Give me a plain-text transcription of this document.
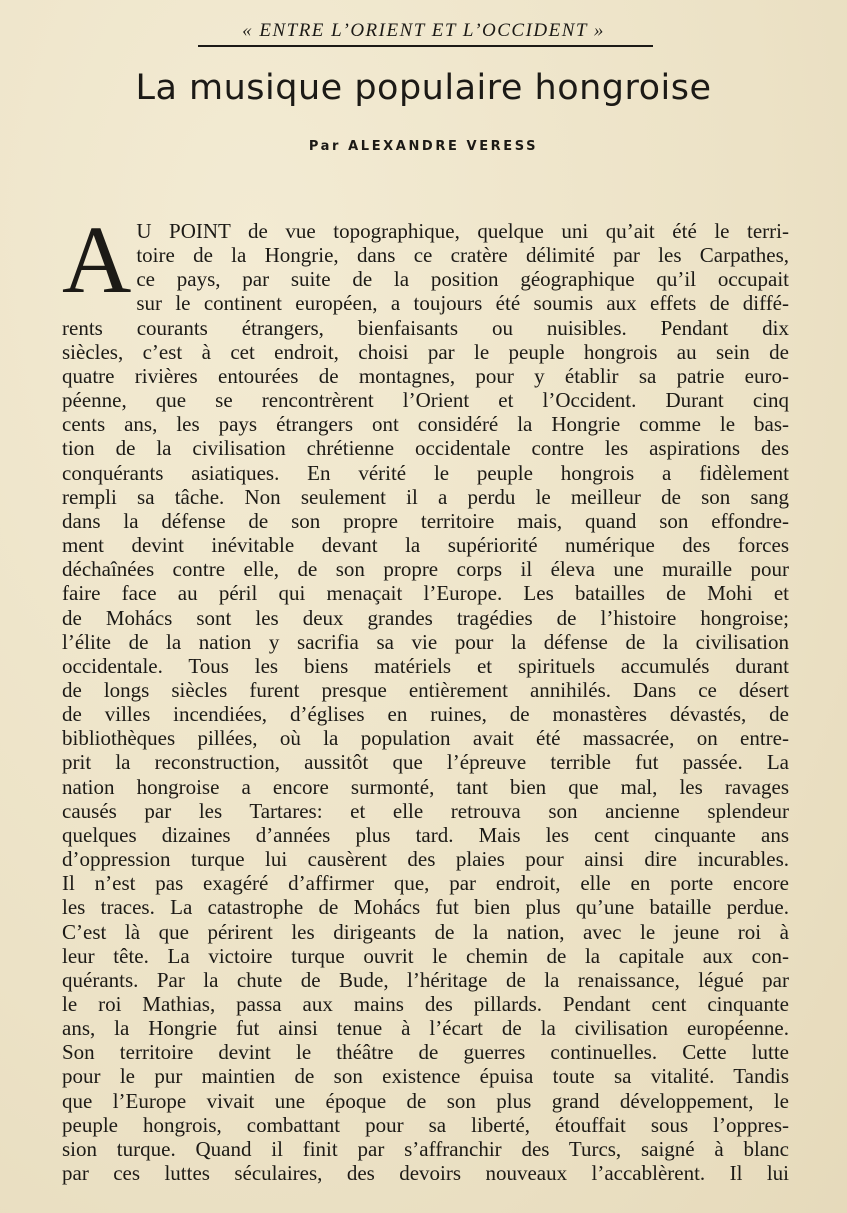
« ENTRE L’ORIENT ET L’OCCIDENT »
La musique populaire hongroise
Par ALEXANDRE VERESS
A U POINT de vue topographique, quelque uni qu’ait été le terri-
toire de la Hongrie, dans ce cratère délimité par les Carpathes,
ce pays, par suite de la position géographique qu’il occupait
sur le continent européen, a toujours été soumis aux effets de diffé-
rents courants étrangers, bienfaisants ou nuisibles. Pendant dix
siècles, c’est à cet endroit, choisi par le peuple hongrois au sein de
quatre rivières entourées de montagnes, pour y établir sa patrie euro-
péenne, que se rencontrèrent l’Orient et l’Occident. Durant cinq
cents ans, les pays étrangers ont considéré la Hongrie comme le bas-
tion de la civilisation chrétienne occidentale contre les aspirations des
conquérants asiatiques. En vérité le peuple hongrois a fidèlement
rempli sa tâche. Non seulement il a perdu le meilleur de son sang
dans la défense de son propre territoire mais, quand son effondre-
ment devint inévitable devant la supériorité numérique des forces
déchaînées contre elle, de son propre corps il éleva une muraille pour
faire face au péril qui menaçait l’Europe. Les batailles de Mohi et
de Mohács sont les deux grandes tragédies de l’histoire hongroise;
l’élite de la nation y sacrifia sa vie pour la défense de la civilisation
occidentale. Tous les biens matériels et spirituels accumulés durant
de longs siècles furent presque entièrement annihilés. Dans ce désert
de villes incendiées, d’églises en ruines, de monastères dévastés, de
bibliothèques pillées, où la population avait été massacrée, on entre-
prit la reconstruction, aussitôt que l’épreuve terrible fut passée. La
nation hongroise a encore surmonté, tant bien que mal, les ravages
causés par les Tartares: et elle retrouva son ancienne splendeur
quelques dizaines d’années plus tard. Mais les cent cinquante ans
d’oppression turque lui causèrent des plaies pour ainsi dire incurables.
Il n’est pas exagéré d’affirmer que, par endroit, elle en porte encore
les traces. La catastrophe de Mohács fut bien plus qu’une bataille perdue.
C’est là que périrent les dirigeants de la nation, avec le jeune roi à
leur tête. La victoire turque ouvrit le chemin de la capitale aux con-
quérants. Par la chute de Bude, l’héritage de la renaissance, légué par
le roi Mathias, passa aux mains des pillards. Pendant cent cinquante
ans, la Hongrie fut ainsi tenue à l’écart de la civilisation européenne.
Son territoire devint le théâtre de guerres continuelles. Cette lutte
pour le pur maintien de son existence épuisa toute sa vitalité. Tandis
que l’Europe vivait une époque de son plus grand développement, le
peuple hongrois, combattant pour sa liberté, étouffait sous l’oppres-
sion turque. Quand il finit par s’affranchir des Turcs, saigné à blanc
par ces luttes séculaires, des devoirs nouveaux l’accablèrent. Il lui
